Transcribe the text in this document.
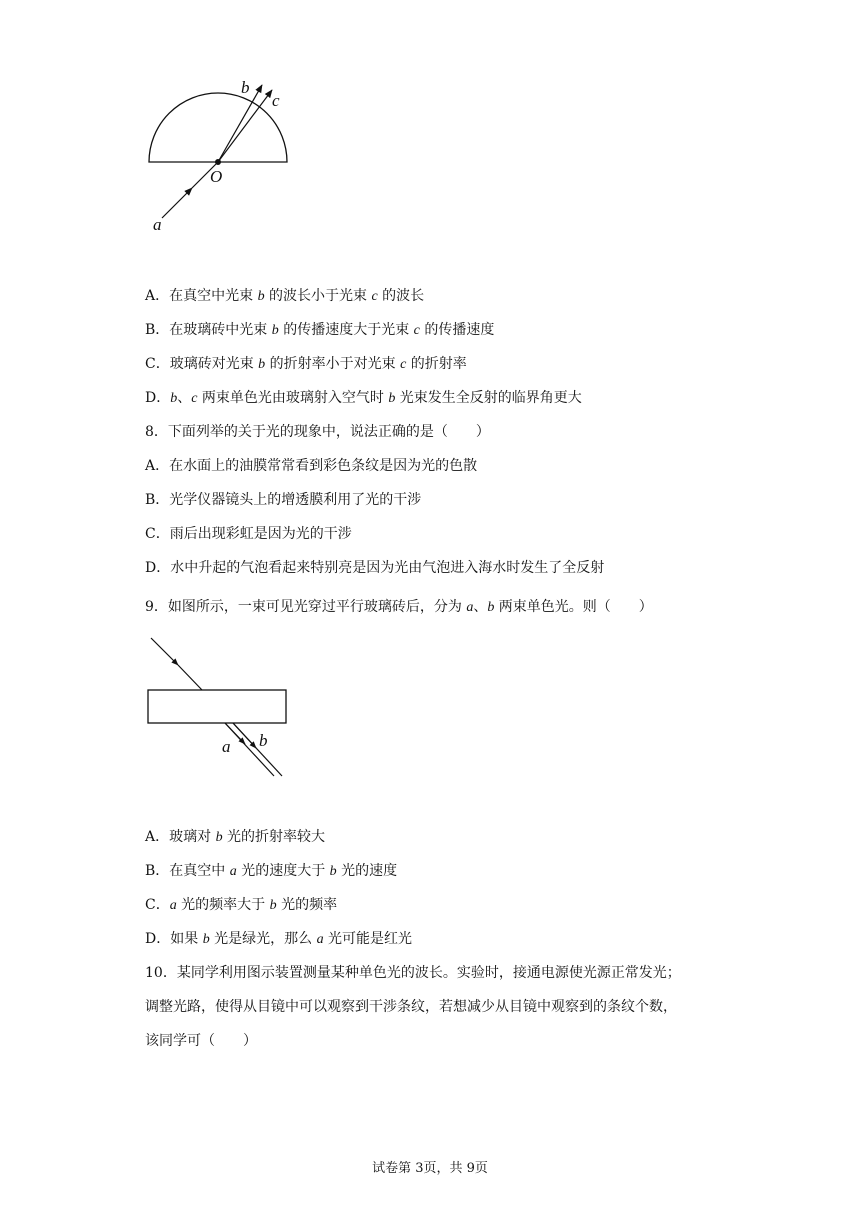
b
c
O
a
A．在真空中光束 b 的波长小于光束 c 的波长
B．在玻璃砖中光束 b 的传播速度大于光束 c 的传播速度
C．玻璃砖对光束 b 的折射率小于对光束 c 的折射率
D．b、c 两束单色光由玻璃射入空气时 b 光束发生全反射的临界角更大
8．下面列举的关于光的现象中，说法正确的是（　　）
A．在水面上的油膜常常看到彩色条纹是因为光的色散
B．光学仪器镜头上的增透膜利用了光的干涉
C．雨后出现彩虹是因为光的干涉
D．水中升起的气泡看起来特别亮是因为光由气泡进入海水时发生了全反射
9．如图所示，一束可见光穿过平行玻璃砖后，分为 a、b 两束单色光。则（　　）
a b
A．玻璃对 b 光的折射率较大
B．在真空中 a 光的速度大于 b 光的速度
C．a 光的频率大于 b 光的频率
D．如果 b 光是绿光，那么 a 光可能是红光
10．某同学利用图示装置测量某种单色光的波长。实验时，接通电源使光源正常发光；
调整光路，使得从目镜中可以观察到干涉条纹，若想减少从目镜中观察到的条纹个数，
该同学可（　　）
试卷第 3页，共 9页
